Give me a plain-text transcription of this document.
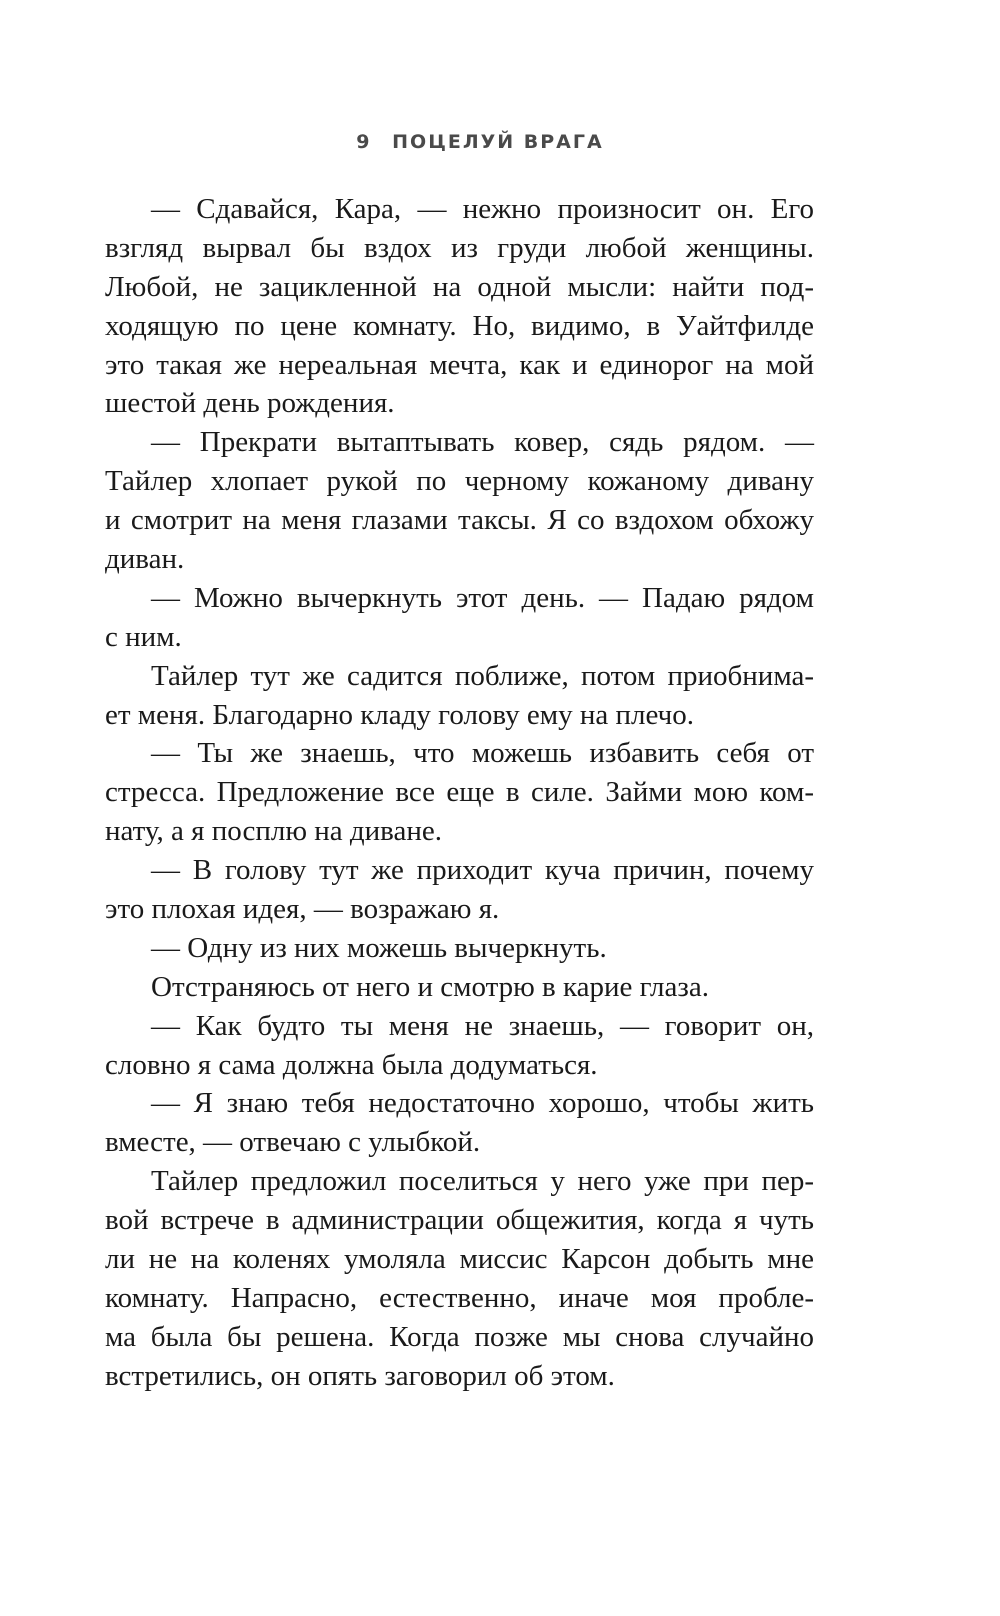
9 ПОЦЕЛУЙ ВРАГА
— Сдавайся, Кара, — нежно произносит он. Его
взгляд вырвал бы вздох из груди любой женщины.
Любой, не зацикленной на одной мысли: найти под-
ходящую по цене комнату. Но, видимо, в Уайтфилде
это такая же нереальная мечта, как и единорог на мой
шестой день рождения.
— Прекрати вытаптывать ковер, сядь рядом. —
Тайлер хлопает рукой по черному кожаному дивану
и смотрит на меня глазами таксы. Я со вздохом обхожу
диван.
— Можно вычеркнуть этот день. — Падаю рядом
с ним.
Тайлер тут же садится поближе, потом приобнима-
ет меня. Благодарно кладу голову ему на плечо.
— Ты же знаешь, что можешь избавить себя от
стресса. Предложение все еще в силе. Займи мою ком-
нату, а я посплю на диване.
— В голову тут же приходит куча причин, почему
это плохая идея, — возражаю я.
— Одну из них можешь вычеркнуть.
Отстраняюсь от него и смотрю в карие глаза.
— Как будто ты меня не знаешь, — говорит он,
словно я сама должна была додуматься.
— Я знаю тебя недостаточно хорошо, чтобы жить
вместе, — отвечаю с улыбкой.
Тайлер предложил поселиться у него уже при пер-
вой встрече в администрации общежития, когда я чуть
ли не на коленях умоляла миссис Карсон добыть мне
комнату. Напрасно, естественно, иначе моя пробле-
ма была бы решена. Когда позже мы снова случайно
встретились, он опять заговорил об этом.
